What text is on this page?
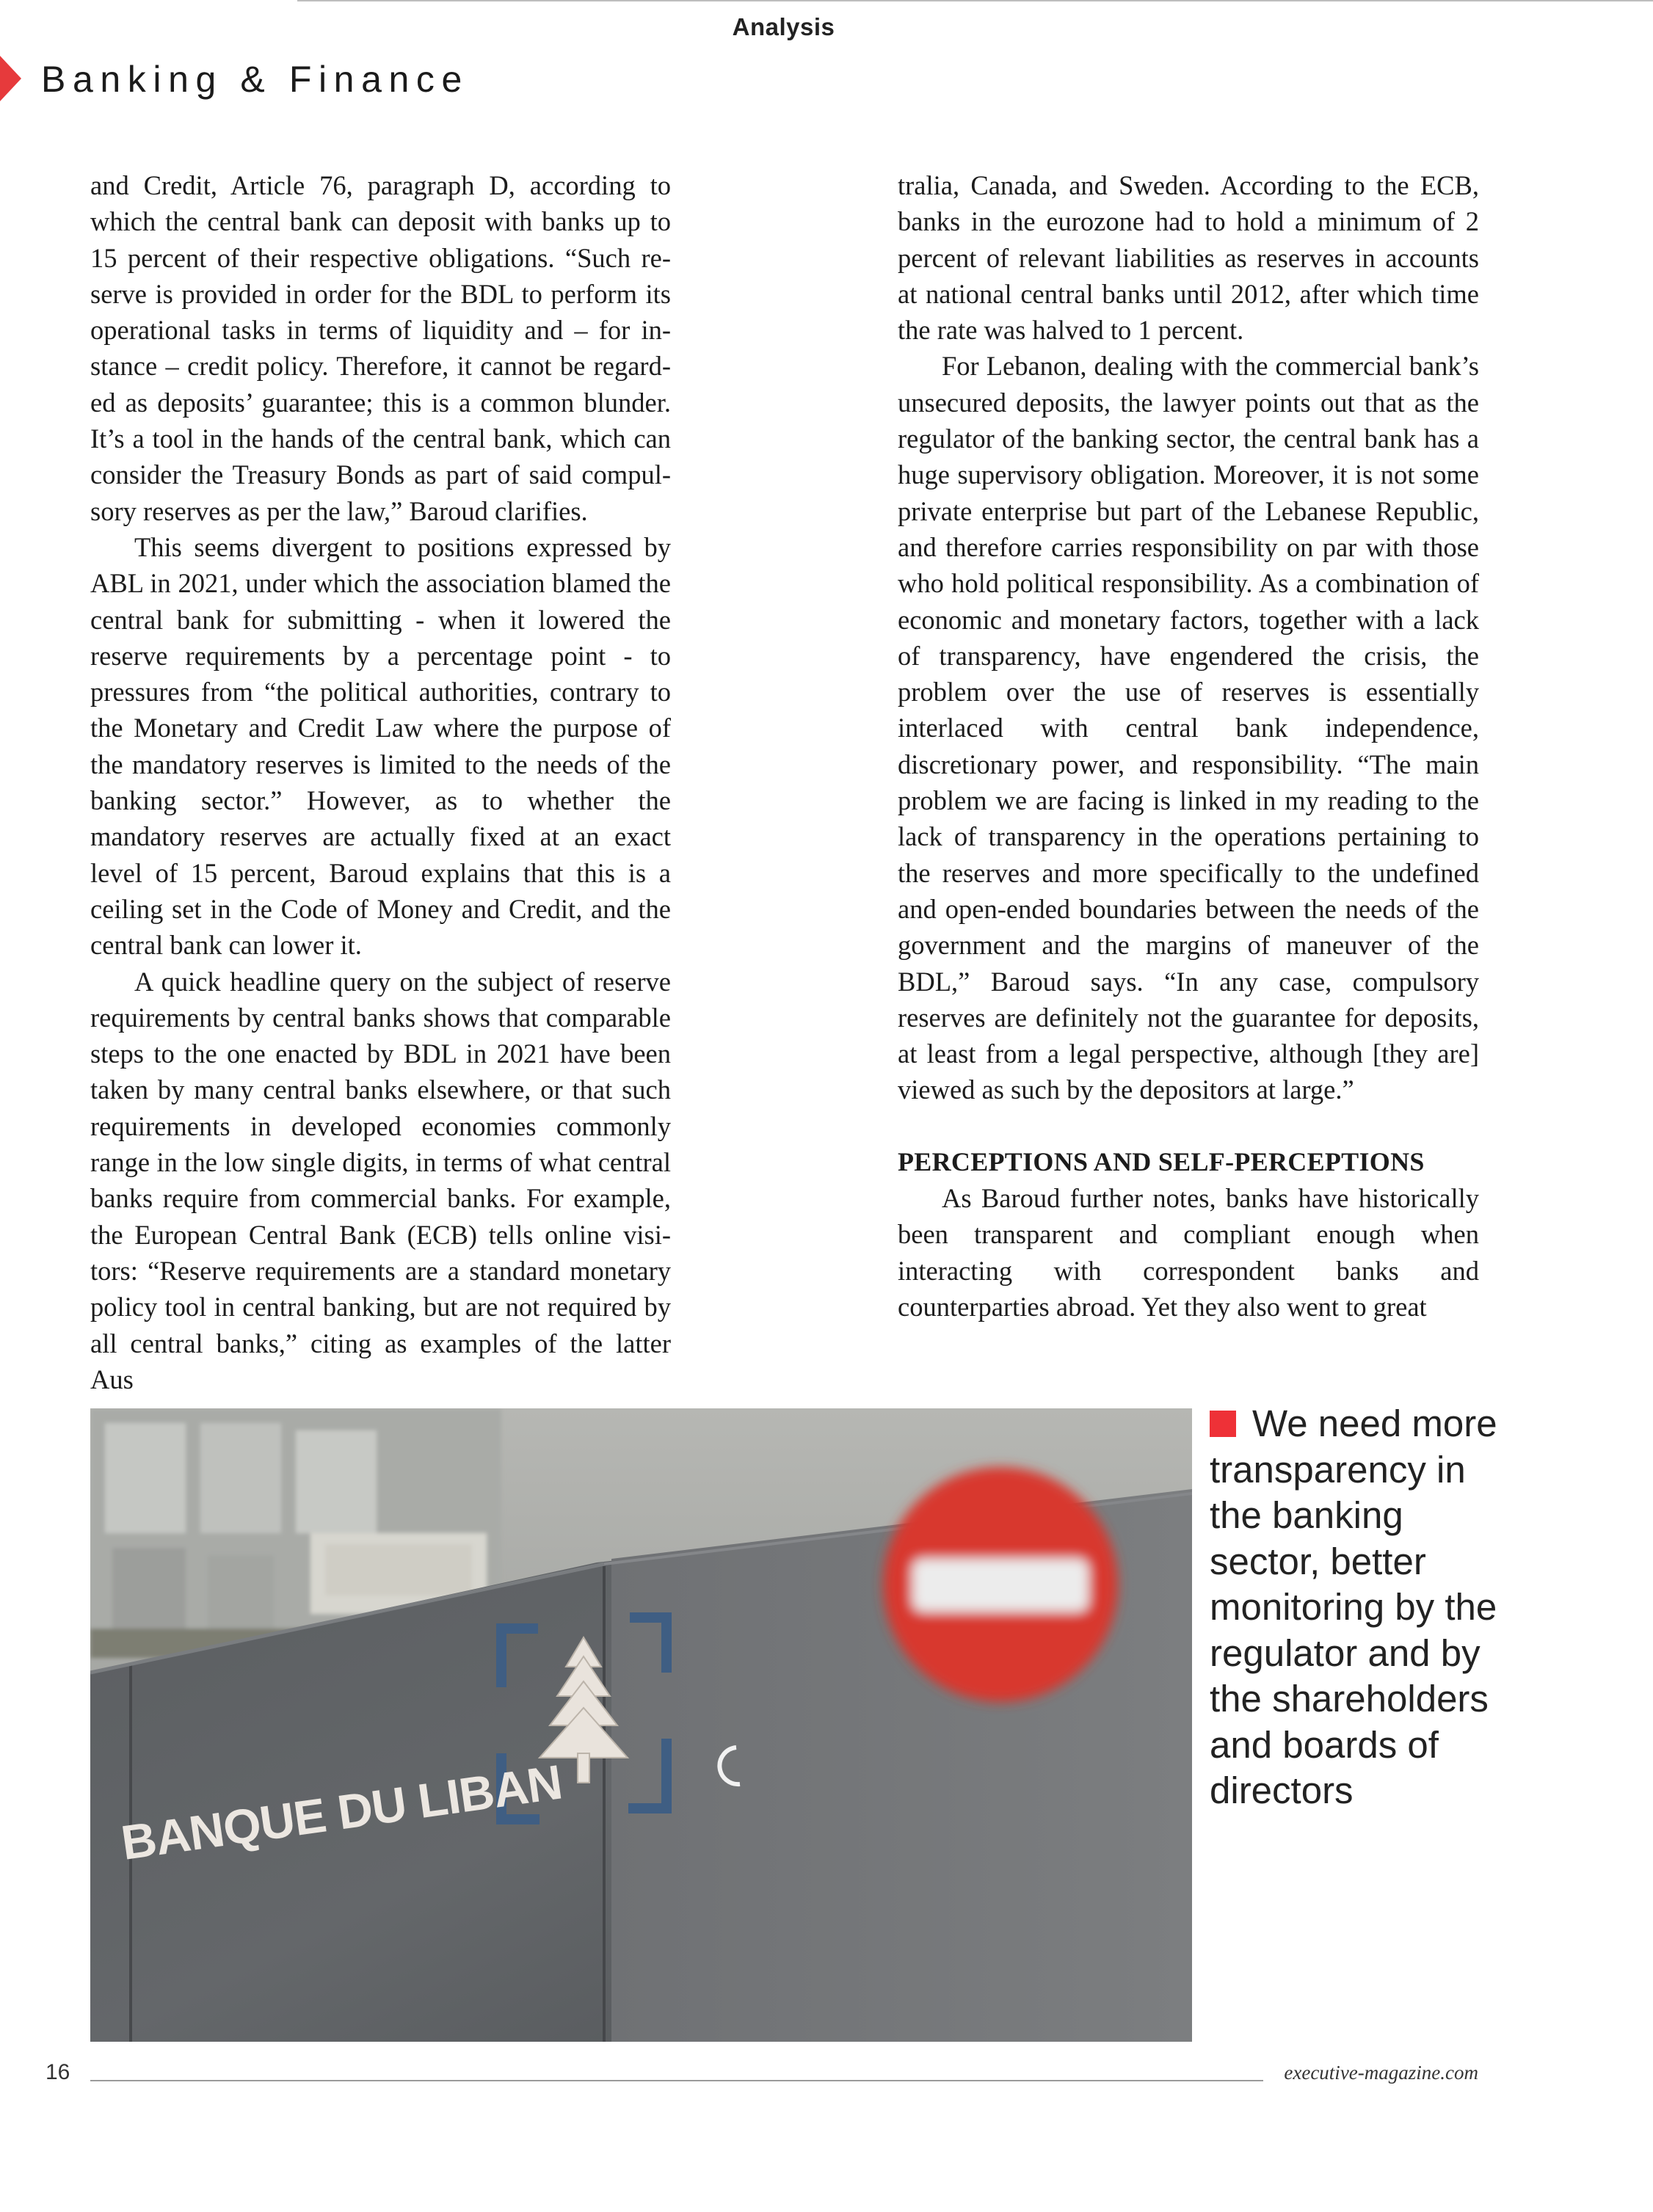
Analysis
Banking & Finance

and Credit, Article 76, paragraph D, according to which the central bank can deposit with banks up to 15 percent of their respective obligations. “Such reserve is provided in order for the BDL to perform its operational tasks in terms of liquidity and – for instance – credit policy. Therefore, it cannot be regarded as deposits’ guarantee; this is a common blunder. It’s a tool in the hands of the central bank, which can consider the Treasury Bonds as part of said compulsory reserves as per the law,” Baroud clarifies.

This seems divergent to positions expressed by ABL in 2021, under which the association blamed the central bank for submitting - when it lowered the reserve requirements by a percentage point - to pressures from “the political authorities, contrary to the Monetary and Credit Law where the purpose of the mandatory reserves is limited to the needs of the banking sector.” However, as to whether the mandatory reserves are actually fixed at an exact level of 15 percent, Baroud explains that this is a ceiling set in the Code of Money and Credit, and the central bank can lower it.

A quick headline query on the subject of reserve requirements by central banks shows that comparable steps to the one enacted by BDL in 2021 have been taken by many central banks elsewhere, or that such requirements in developed economies commonly range in the low single digits, in terms of what central banks require from commercial banks. For example, the European Central Bank (ECB) tells online visitors: “Reserve requirements are a standard monetary policy tool in central banking, but are not required by all central banks,” citing as examples of the latter Aus

tralia, Canada, and Sweden. According to the ECB, banks in the eurozone had to hold a minimum of 2 percent of relevant liabilities as reserves in accounts at national central banks until 2012, after which time the rate was halved to 1 percent.

For Lebanon, dealing with the commercial bank’s unsecured deposits, the lawyer points out that as the regulator of the banking sector, the central bank has a huge supervisory obligation. Moreover, it is not some private enterprise but part of the Lebanese Republic, and therefore carries responsibility on par with those who hold political responsibility. As a combination of economic and monetary factors, together with a lack of transparency, have engendered the crisis, the problem over the use of reserves is essentially interlaced with central bank independence, discretionary power, and responsibility. “The main problem we are facing is linked in my reading to the lack of transparency in the operations pertaining to the reserves and more specifically to the undefined and open-ended boundaries between the needs of the government and the margins of maneuver of the BDL,” Baroud says. “In any case, compulsory reserves are definitely not the guarantee for deposits, at least from a legal perspective, although [they are] viewed as such by the depositors at large.”

PERCEPTIONS AND SELF-PERCEPTIONS

As Baroud further notes, banks have historically been transparent and compliant enough when interacting with correspondent banks and counterparties abroad. Yet they also went to great

BANQUE DU LIBAN
We need more transparency in the banking sector, better monitoring by the regulator and by the shareholders and boards of directors
16	executive-magazine.com
